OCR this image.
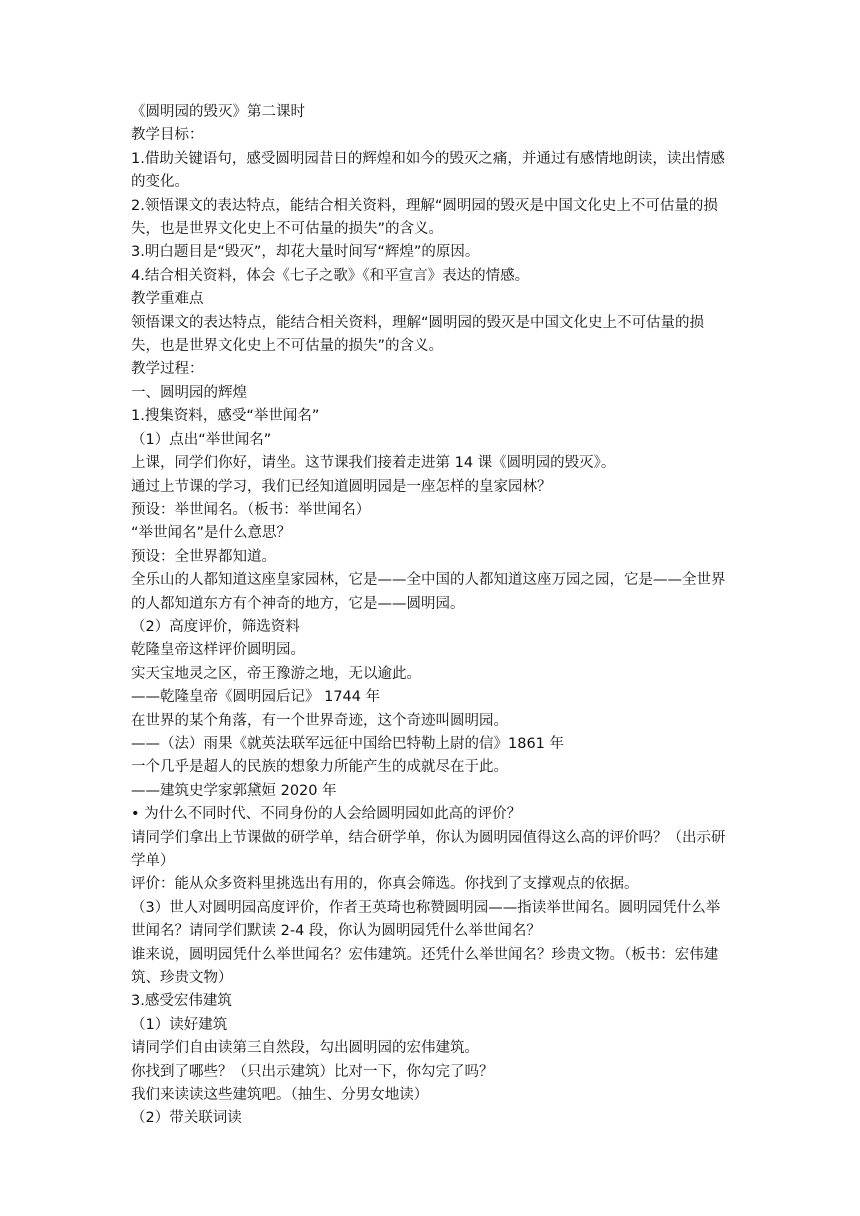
《圆明园的毁灭》第二课时

教学目标：

1.借助关键语句，感受圆明园昔日的辉煌和如今的毁灭之痛，并通过有感情地朗读，读出情感的变化。

2.领悟课文的表达特点，能结合相关资料，理解“圆明园的毁灭是中国文化史上不可估量的损失，也是世界文化史上不可估量的损失”的含义。

3.明白题目是“毁灭”，却花大量时间写“辉煌”的原因。

4.结合相关资料，体会《七子之歌》《和平宣言》表达的情感。

教学重难点

领悟课文的表达特点，能结合相关资料，理解“圆明园的毁灭是中国文化史上不可估量的损失，也是世界文化史上不可估量的损失”的含义。

教学过程：

一、圆明园的辉煌

1.搜集资料，感受“举世闻名”

（1）点出“举世闻名”

上课，同学们你好，请坐。这节课我们接着走进第 14 课《圆明园的毁灭》。

通过上节课的学习，我们已经知道圆明园是一座怎样的皇家园林？

预设：举世闻名。（板书：举世闻名）

“举世闻名”是什么意思？

预设：全世界都知道。

全乐山的人都知道这座皇家园林，它是——全中国的人都知道这座万园之园，它是——全世界的人都知道东方有个神奇的地方，它是——圆明园。

（2）高度评价，筛选资料

乾隆皇帝这样评价圆明园。

实天宝地灵之区，帝王豫游之地，无以逾此。

——乾隆皇帝《圆明园后记》 1744 年

在世界的某个角落，有一个世界奇迹，这个奇迹叫圆明园。

——（法）雨果《就英法联军远征中国给巴特勒上尉的信》1861 年

一个几乎是超人的民族的想象力所能产生的成就尽在于此。

——建筑史学家郭黛姮 2020 年

• 为什么不同时代、不同身份的人会给圆明园如此高的评价？

请同学们拿出上节课做的研学单，结合研学单，你认为圆明园值得这么高的评价吗？（出示研学单）

评价：能从众多资料里挑选出有用的，你真会筛选。你找到了支撑观点的依据。

（3）世人对圆明园高度评价，作者王英琦也称赞圆明园——指读举世闻名。圆明园凭什么举世闻名？请同学们默读 2-4 段，你认为圆明园凭什么举世闻名？

谁来说，圆明园凭什么举世闻名？宏伟建筑。还凭什么举世闻名？珍贵文物。（板书：宏伟建筑、珍贵文物）

3.感受宏伟建筑

（1）读好建筑

请同学们自由读第三自然段，勾出圆明园的宏伟建筑。

你找到了哪些？（只出示建筑）比对一下，你勾完了吗？

我们来读读这些建筑吧。（抽生、分男女地读）

（2）带关联词读
